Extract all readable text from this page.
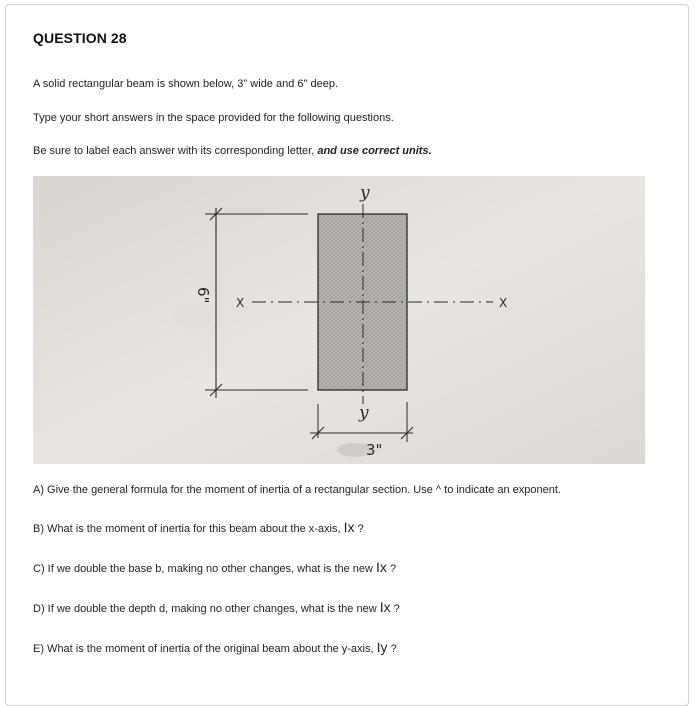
QUESTION 28
A solid rectangular beam is shown below, 3" wide and 6" deep.
Type your short answers in the space provided for the following questions.
Be sure to label each answer with its corresponding letter, and use correct units.
y
y
X	X
6"
3"
A) Give the general formula for the moment of inertia of a rectangular section. Use ^ to indicate an exponent.
B) What is the moment of inertia for this beam about the x-axis, Ix ?
C) If we double the base b, making no other changes, what is the new Ix ?
D) If we double the depth d, making no other changes, what is the new Ix ?
E) What is the moment of inertia of the original beam about the y-axis, Iy ?
